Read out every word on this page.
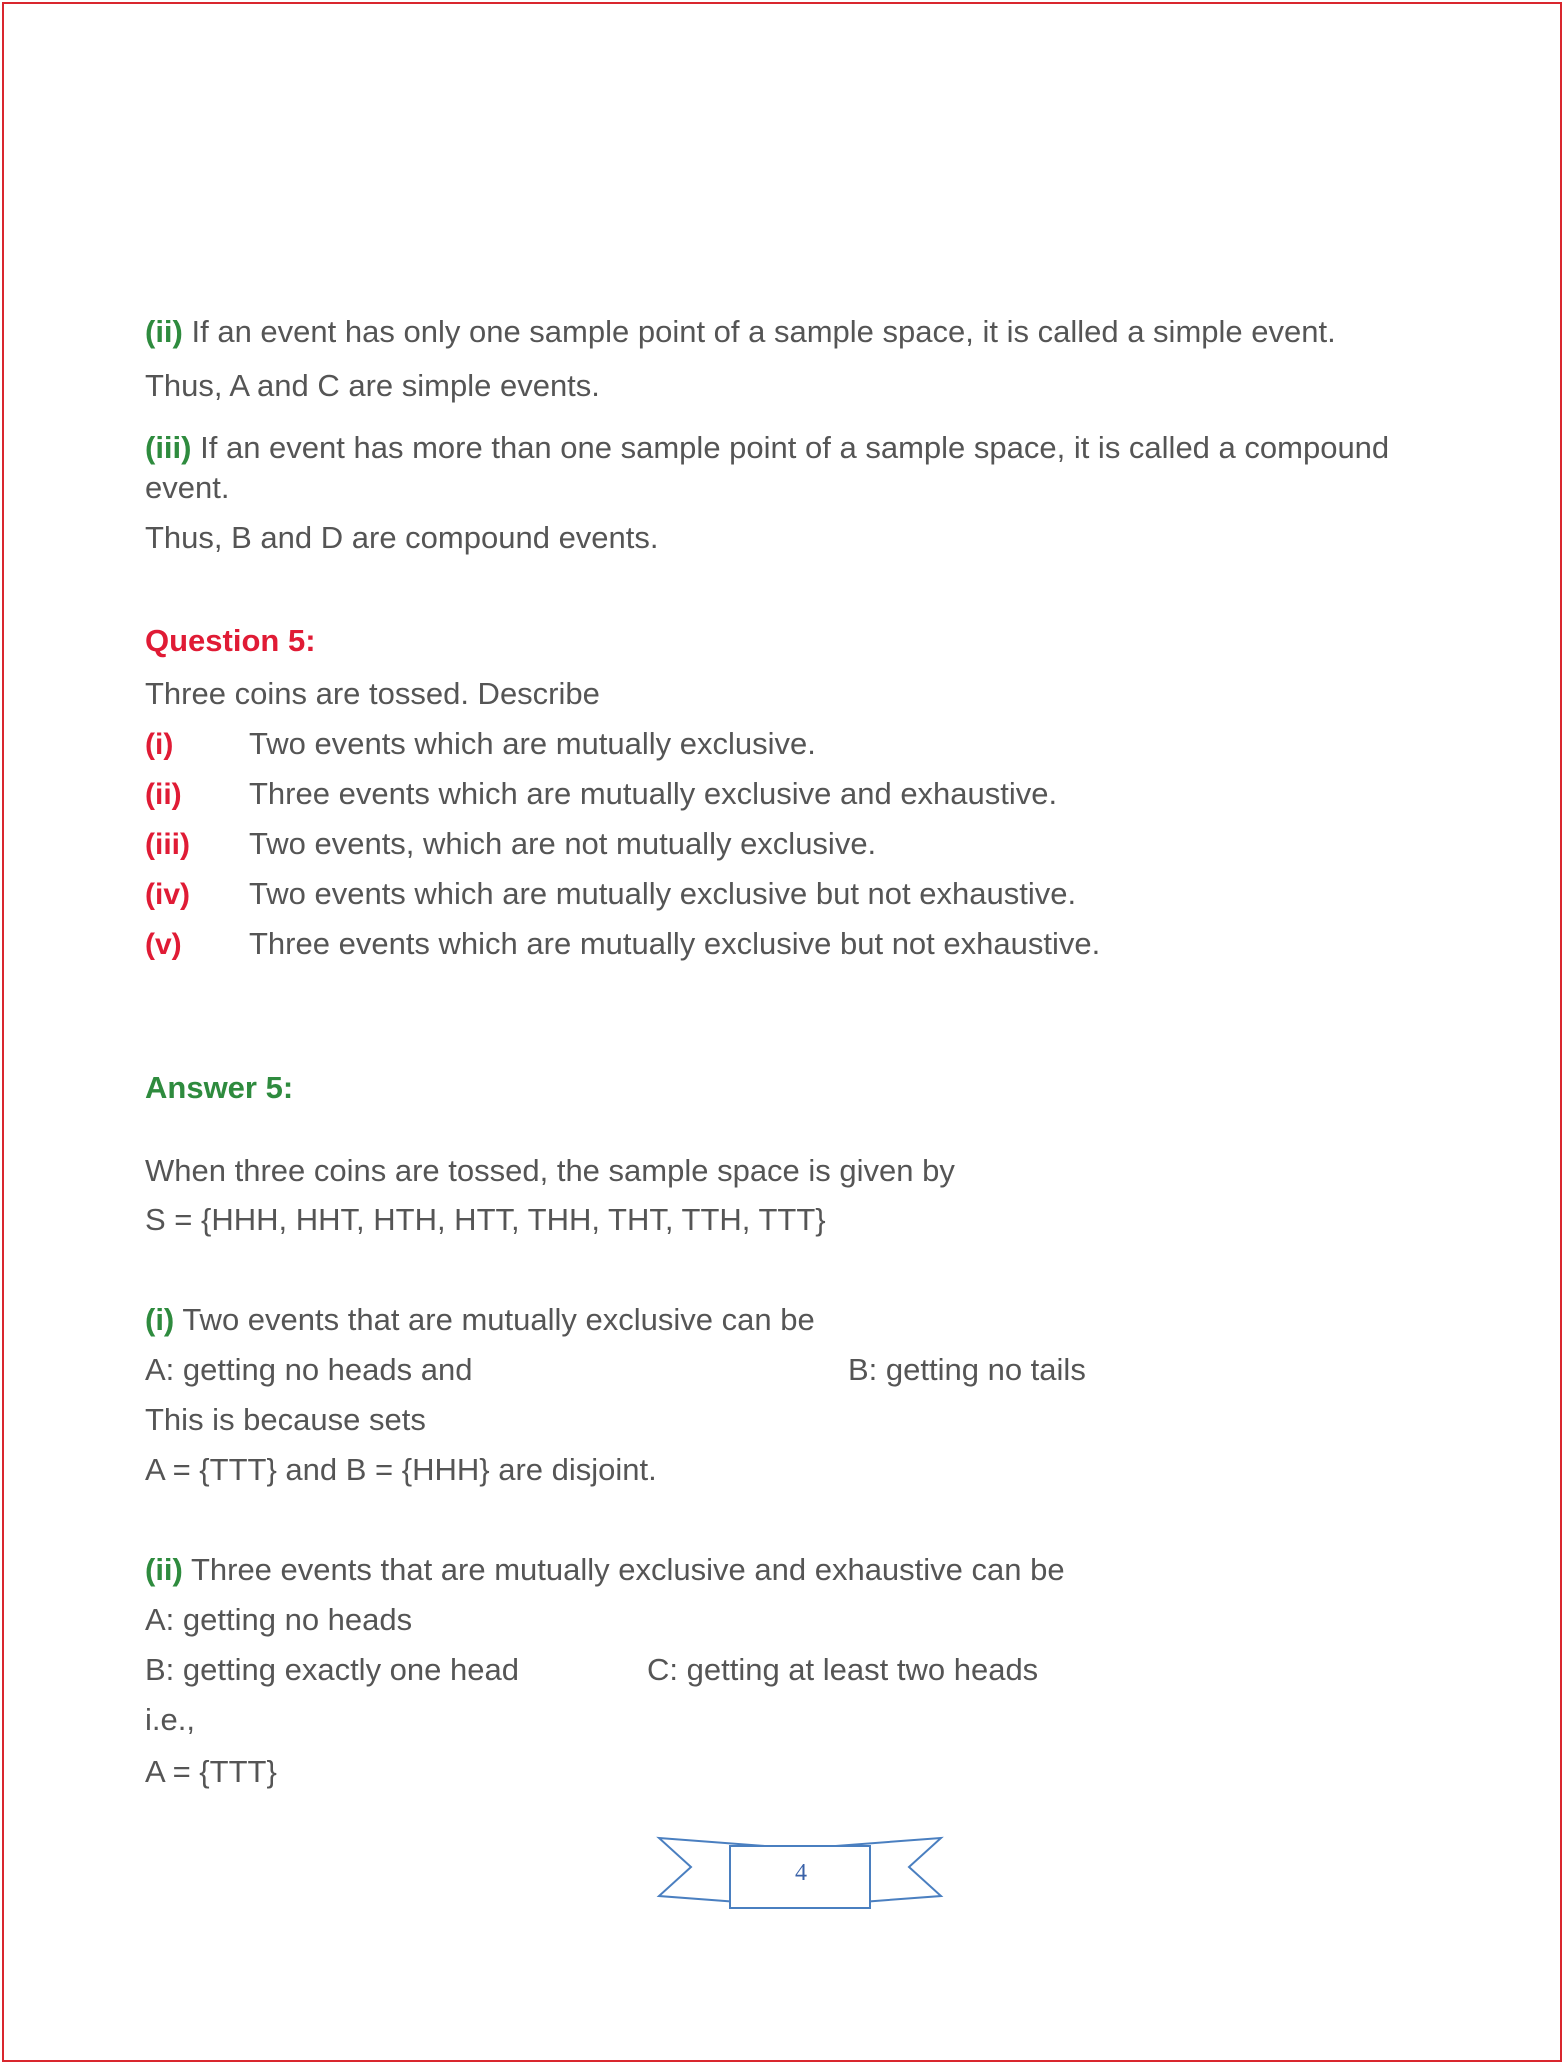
(ii) If an event has only one sample point of a sample space, it is called a simple event.
Thus, A and C are simple events.
(iii) If an event has more than one sample point of a sample space, it is called a compound
event.
Thus, B and D are compound events.
Question 5:
Three coins are tossed. Describe
(i) Two events which are mutually exclusive.
(ii) Three events which are mutually exclusive and exhaustive.
(iii) Two events, which are not mutually exclusive.
(iv) Two events which are mutually exclusive but not exhaustive.
(v) Three events which are mutually exclusive but not exhaustive.
Answer 5:
When three coins are tossed, the sample space is given by
S = {HHH, HHT, HTH, HTT, THH, THT, TTH, TTT}
(i) Two events that are mutually exclusive can be
A: getting no heads and	B: getting no tails
This is because sets
A = {TTT} and B = {HHH} are disjoint.
(ii) Three events that are mutually exclusive and exhaustive can be
A: getting no heads
B: getting exactly one head	C: getting at least two heads
i.e.,
A = {TTT}
4
